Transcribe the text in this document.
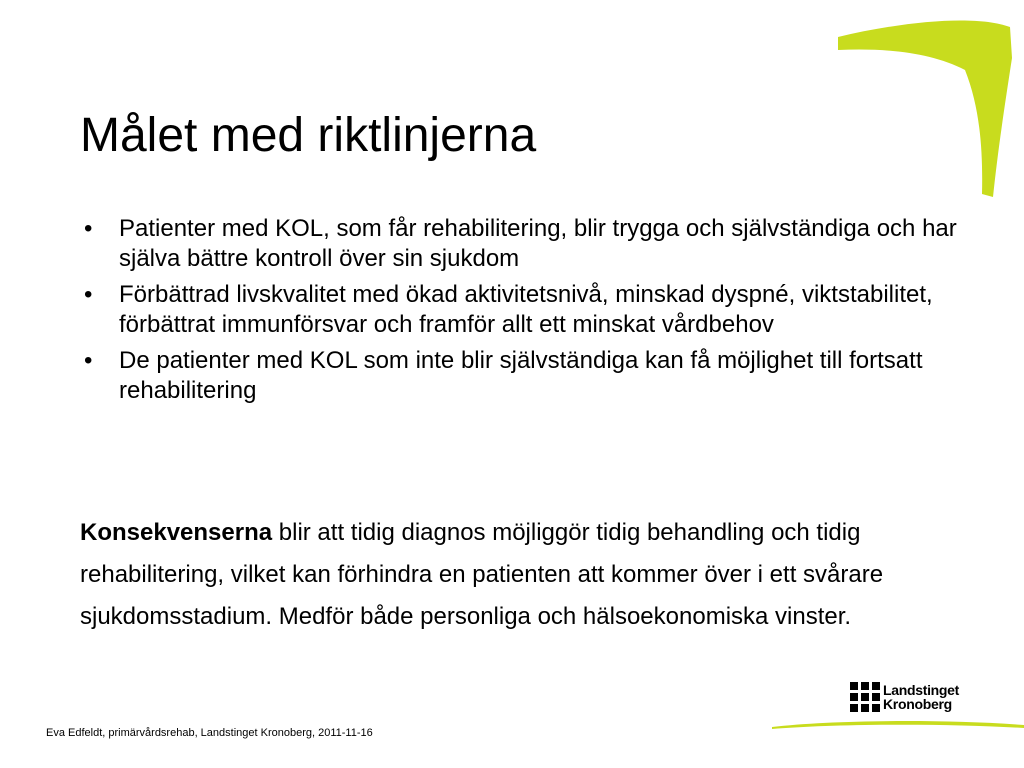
Målet med riktlinjerna
• Patienter med KOL, som får rehabilitering, blir trygga och självständiga och har själva bättre kontroll över sin sjukdom
• Förbättrad livskvalitet med ökad aktivitetsnivå, minskad dyspné, viktstabilitet, förbättrat immunförsvar och framför allt ett minskat vårdbehov
• De patienter med KOL som inte blir självständiga kan få möjlighet till fortsatt rehabilitering

Konsekvenserna blir att tidig diagnos möjliggör tidig behandling och tidig rehabilitering, vilket kan förhindra en patienten att kommer över i ett svårare sjukdomsstadium. Medför både personliga och hälsoekonomiska vinster.

Landstinget
Kronoberg
Eva Edfeldt, primärvårdsrehab, Landstinget Kronoberg, 2011-11-16
